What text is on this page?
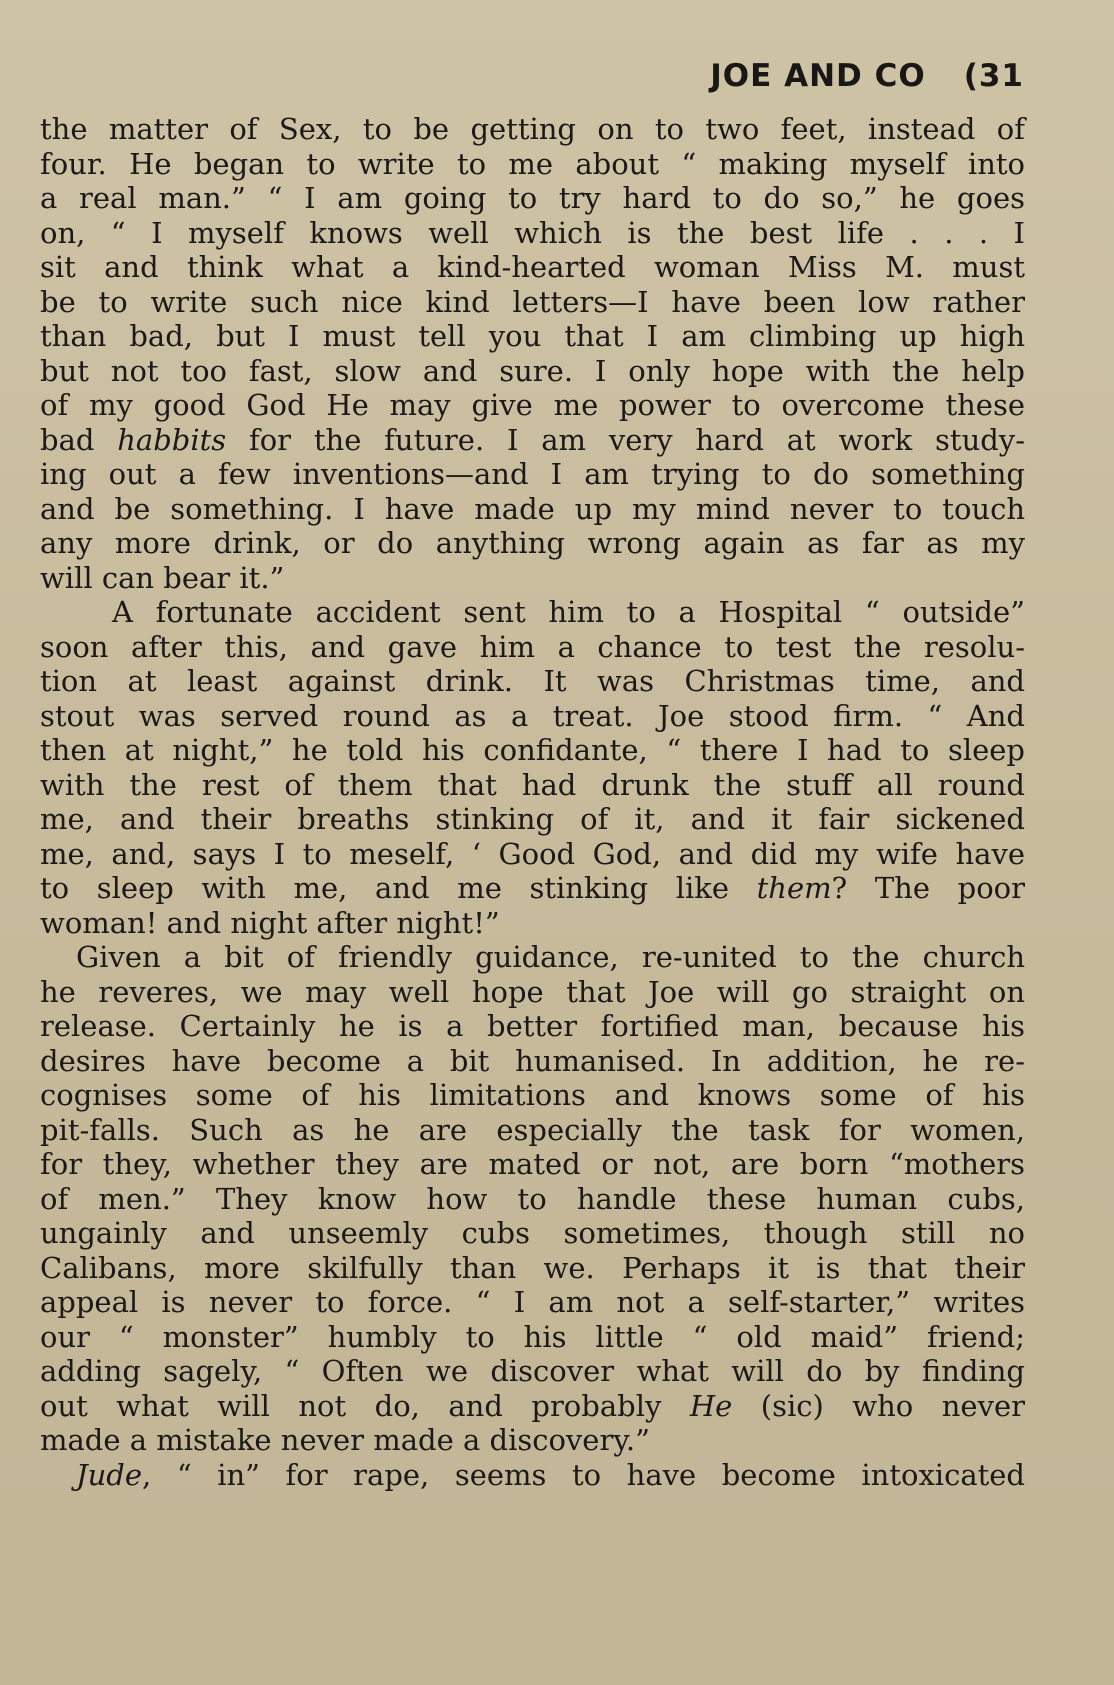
JOE AND CO (31
the matter of Sex, to be getting on to two feet, instead of
four. He began to write to me about “ making myself into
a real man.” “ I am going to try hard to do so,” he goes
on, “ I myself knows well which is the best life . . . I
sit and think what a kind-hearted woman Miss M. must
be to write such nice kind letters—I have been low rather
than bad, but I must tell you that I am climbing up high
but not too fast, slow and sure. I only hope with the help
of my good God He may give me power to overcome these
bad habbits for the future. I am very hard at work study-
ing out a few inventions—and I am trying to do something
and be something. I have made up my mind never to touch
any more drink, or do anything wrong again as far as my
will can bear it.”
A fortunate accident sent him to a Hospital “ outside”
soon after this, and gave him a chance to test the resolu-
tion at least against drink. It was Christmas time, and
stout was served round as a treat. Joe stood firm. “ And
then at night,” he told his confidante, “ there I had to sleep
with the rest of them that had drunk the stuff all round
me, and their breaths stinking of it, and it fair sickened
me, and, says I to meself, ‘ Good God, and did my wife have
to sleep with me, and me stinking like them? The poor
woman! and night after night!”
Given a bit of friendly guidance, re-united to the church
he reveres, we may well hope that Joe will go straight on
release. Certainly he is a better fortified man, because his
desires have become a bit humanised. In addition, he re-
cognises some of his limitations and knows some of his
pit-falls. Such as he are especially the task for women,
for they, whether they are mated or not, are born “mothers
of men.” They know how to handle these human cubs,
ungainly and unseemly cubs sometimes, though still no
Calibans, more skilfully than we. Perhaps it is that their
appeal is never to force. “ I am not a self-starter,” writes
our “ monster” humbly to his little “ old maid” friend;
adding sagely, “ Often we discover what will do by finding
out what will not do, and probably He (sic) who never
made a mistake never made a discovery.”
Jude, “ in” for rape, seems to have become intoxicated
